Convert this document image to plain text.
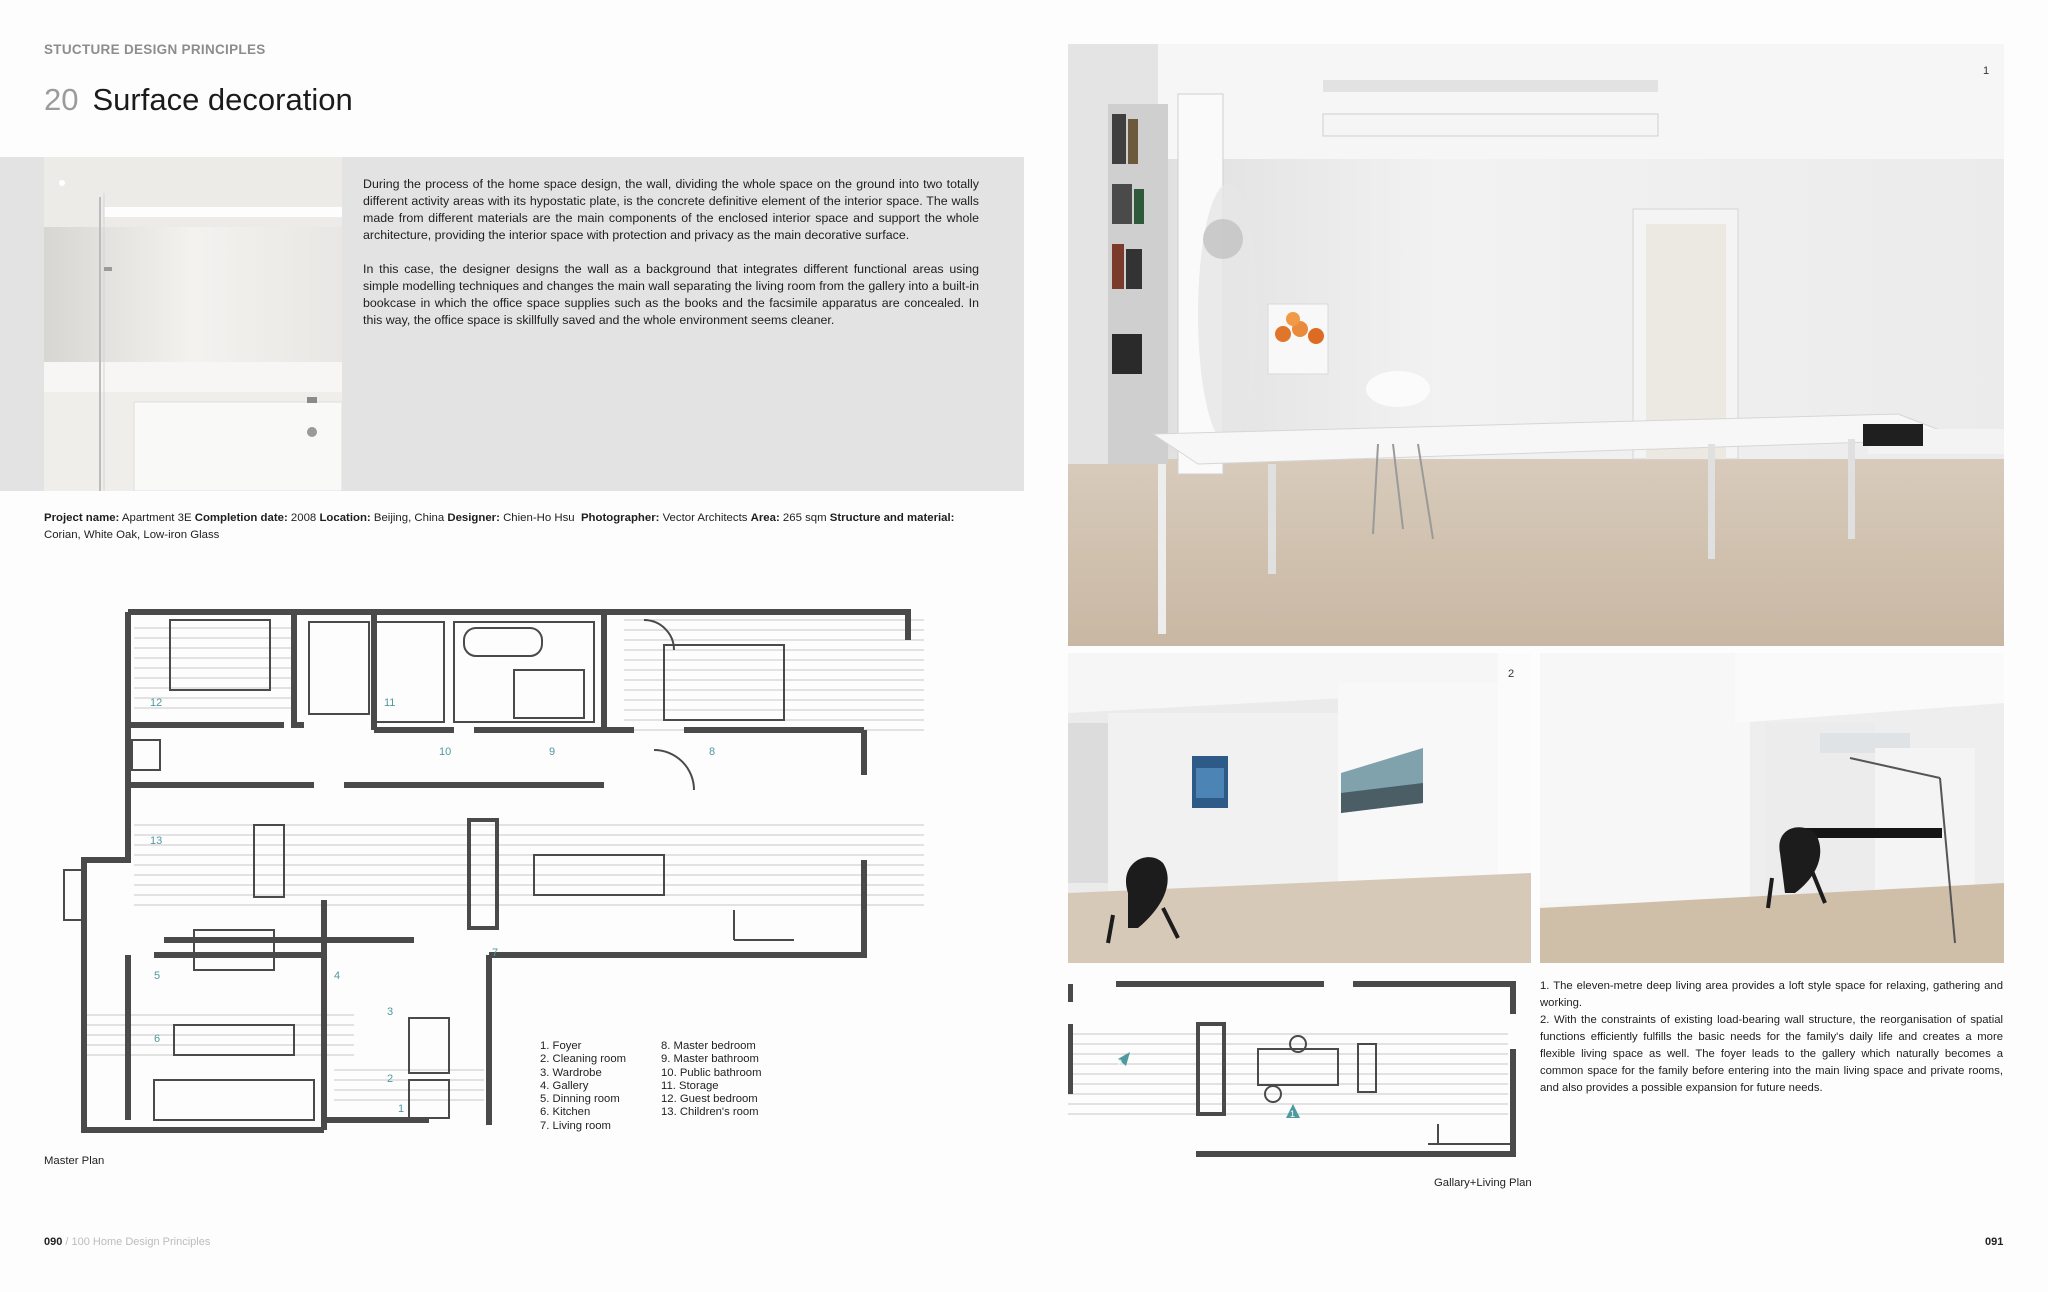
STUCTURE DESIGN PRINCIPLES
20 Surface decoration

During the process of the home space design, the wall, dividing the whole space on the ground into two totally different activity areas with its hypostatic plate, is the concrete definitive element of the interior space. The walls made from different materials are the main components of the enclosed interior space and support the whole architecture, providing the interior space with protection and privacy as the main decorative surface.

In this case, the designer designs the wall as a background that integrates different functional areas using simple modelling techniques and changes the main wall separating the living room from the gallery into a built-in bookcase in which the office space supplies such as the books and the facsimile apparatus are concealed. In this way, the office space is skillfully saved and the whole environment seems cleaner.

Project name: Apartment 3E Completion date: 2008 Location: Beijing, China Designer: Chien-Ho Hsu Photographer: Vector Architects Area: 265 sqm Structure and material: Corian, White Oak, Low-iron Glass
1
2
3
4
5
6
7
8
9
10
11
12
13
1. Foyer
2. Cleaning room
3. Wardrobe
4. Gallery
5. Dinning room
6. Kitchen
7. Living room
8. Master bedroom
9. Master bathroom
10. Public bathroom
11. Storage
12. Guest bedroom
13. Children's room
Master Plan
090 / 100 Home Design Principles
1
2
2
1
Gallary+Living Plan

1. The eleven-metre deep living area provides a loft style space for relaxing, gathering and working.

2. With the constraints of existing load-bearing wall structure, the reorganisation of spatial functions efficiently fulfills the basic needs for the family's daily life and creates a more flexible living space as well. The foyer leads to the gallery which naturally becomes a common space for the family before entering into the main living space and private rooms, and also provides a possible expansion for future needs.

091
